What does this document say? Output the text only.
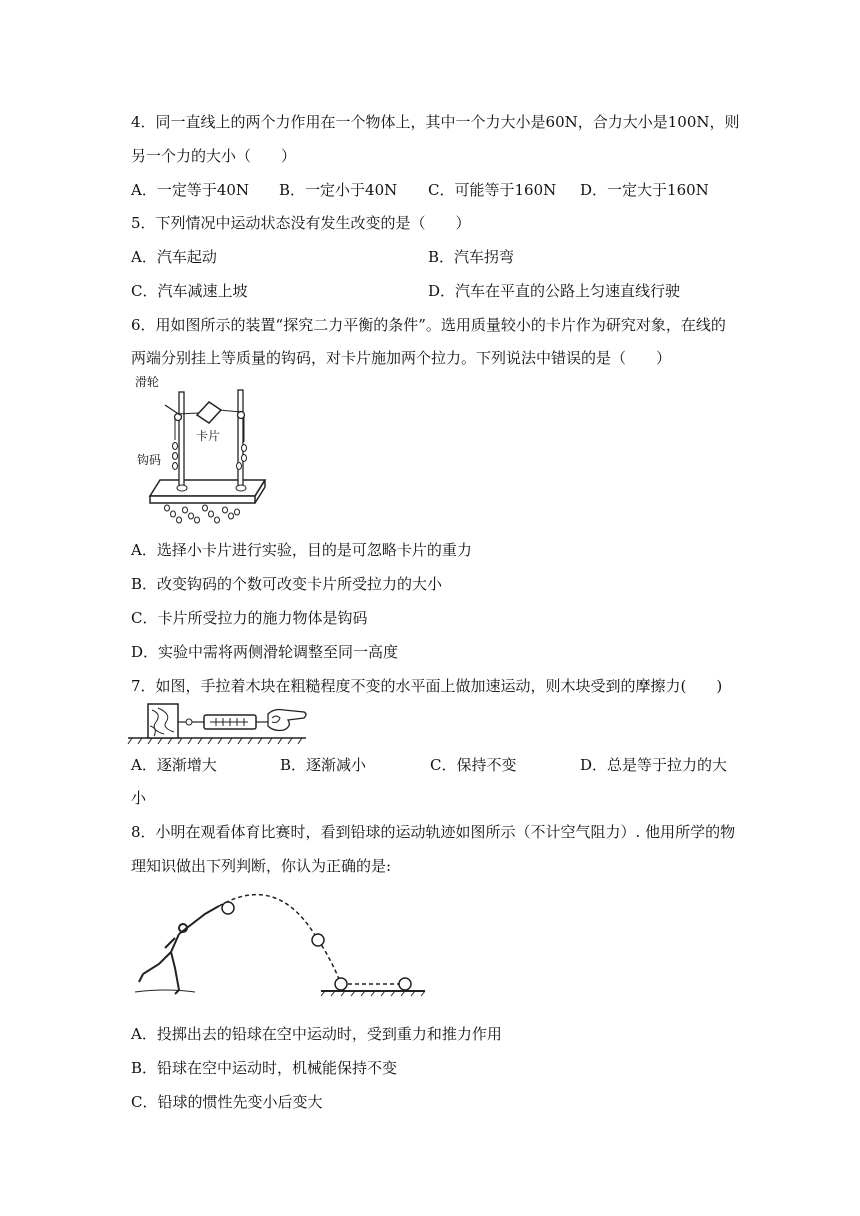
4．同一直线上的两个力作用在一个物体上，其中一个力大小是60N，合力大小是100N，则
另一个力的大小（　　）
A．一定等于40N B．一定小于40N C．可能等于160N D．一定大于160N
5．下列情况中运动状态没有发生改变的是（　　）
A．汽车起动	B．汽车拐弯
C．汽车减速上坡	D．汽车在平直的公路上匀速直线行驶
6．用如图所示的装置“探究二力平衡的条件”。选用质量较小的卡片作为研究对象，在线的
两端分别挂上等质量的钩码，对卡片施加两个拉力。下列说法中错误的是（　　）
滑轮
卡片
钩码
A．选择小卡片进行实验，目的是可忽略卡片的重力
B．改变钩码的个数可改变卡片所受拉力的大小
C．卡片所受拉力的施力物体是钩码
D．实验中需将两侧滑轮调整至同一高度
7．如图，手拉着木块在粗糙程度不变的水平面上做加速运动，则木块受到的摩擦力(　　)
A．逐渐增大	B．逐渐减小	C．保持不变	D．总是等于拉力的大
小
8．小明在观看体育比赛时，看到铅球的运动轨迹如图所示（不计空气阻力）. 他用所学的物
理知识做出下列判断，你认为正确的是:
A．投掷出去的铅球在空中运动时，受到重力和推力作用
B．铅球在空中运动时，机械能保持不变
C．铅球的惯性先变小后变大
